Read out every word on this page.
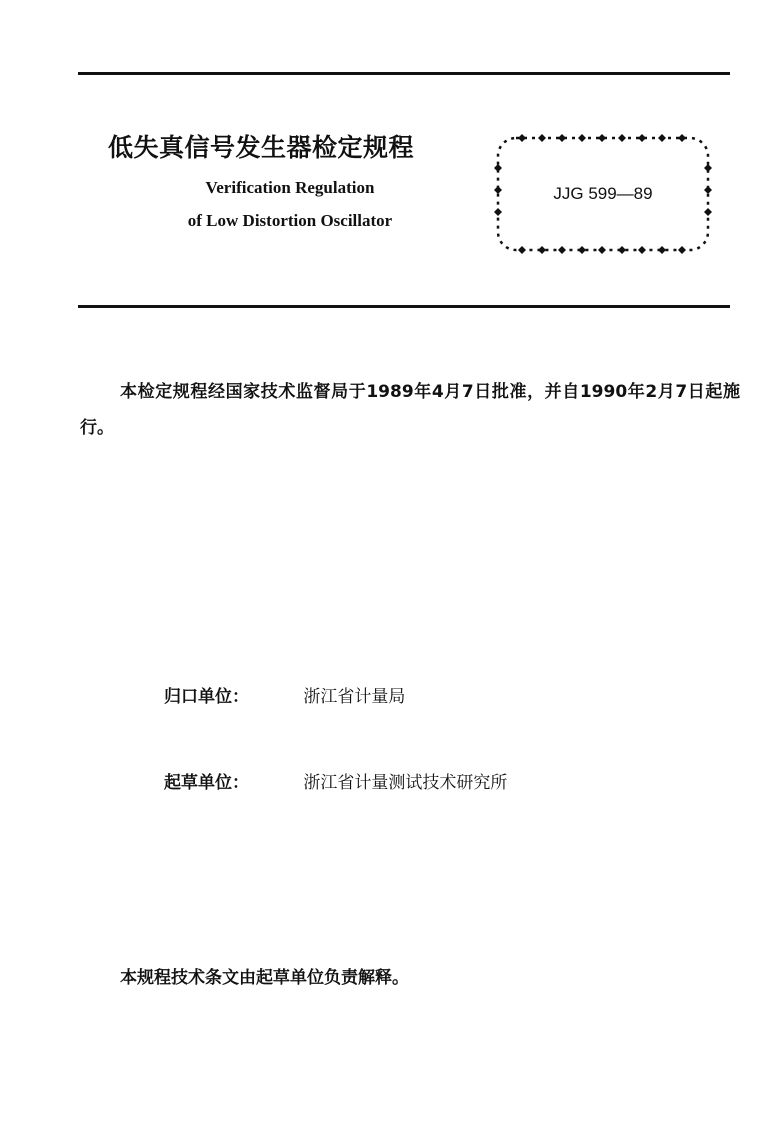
低失真信号发生器检定规程
Verification Regulation
of Low Distortion Oscillator
JJG 599—89
本检定规程经国家技术监督局于1989年4月7日批准，并自1990年2月7日起施行。
归口单位：	浙江省计量局
起草单位：	浙江省计量测试技术研究所
本规程技术条文由起草单位负责解释。
